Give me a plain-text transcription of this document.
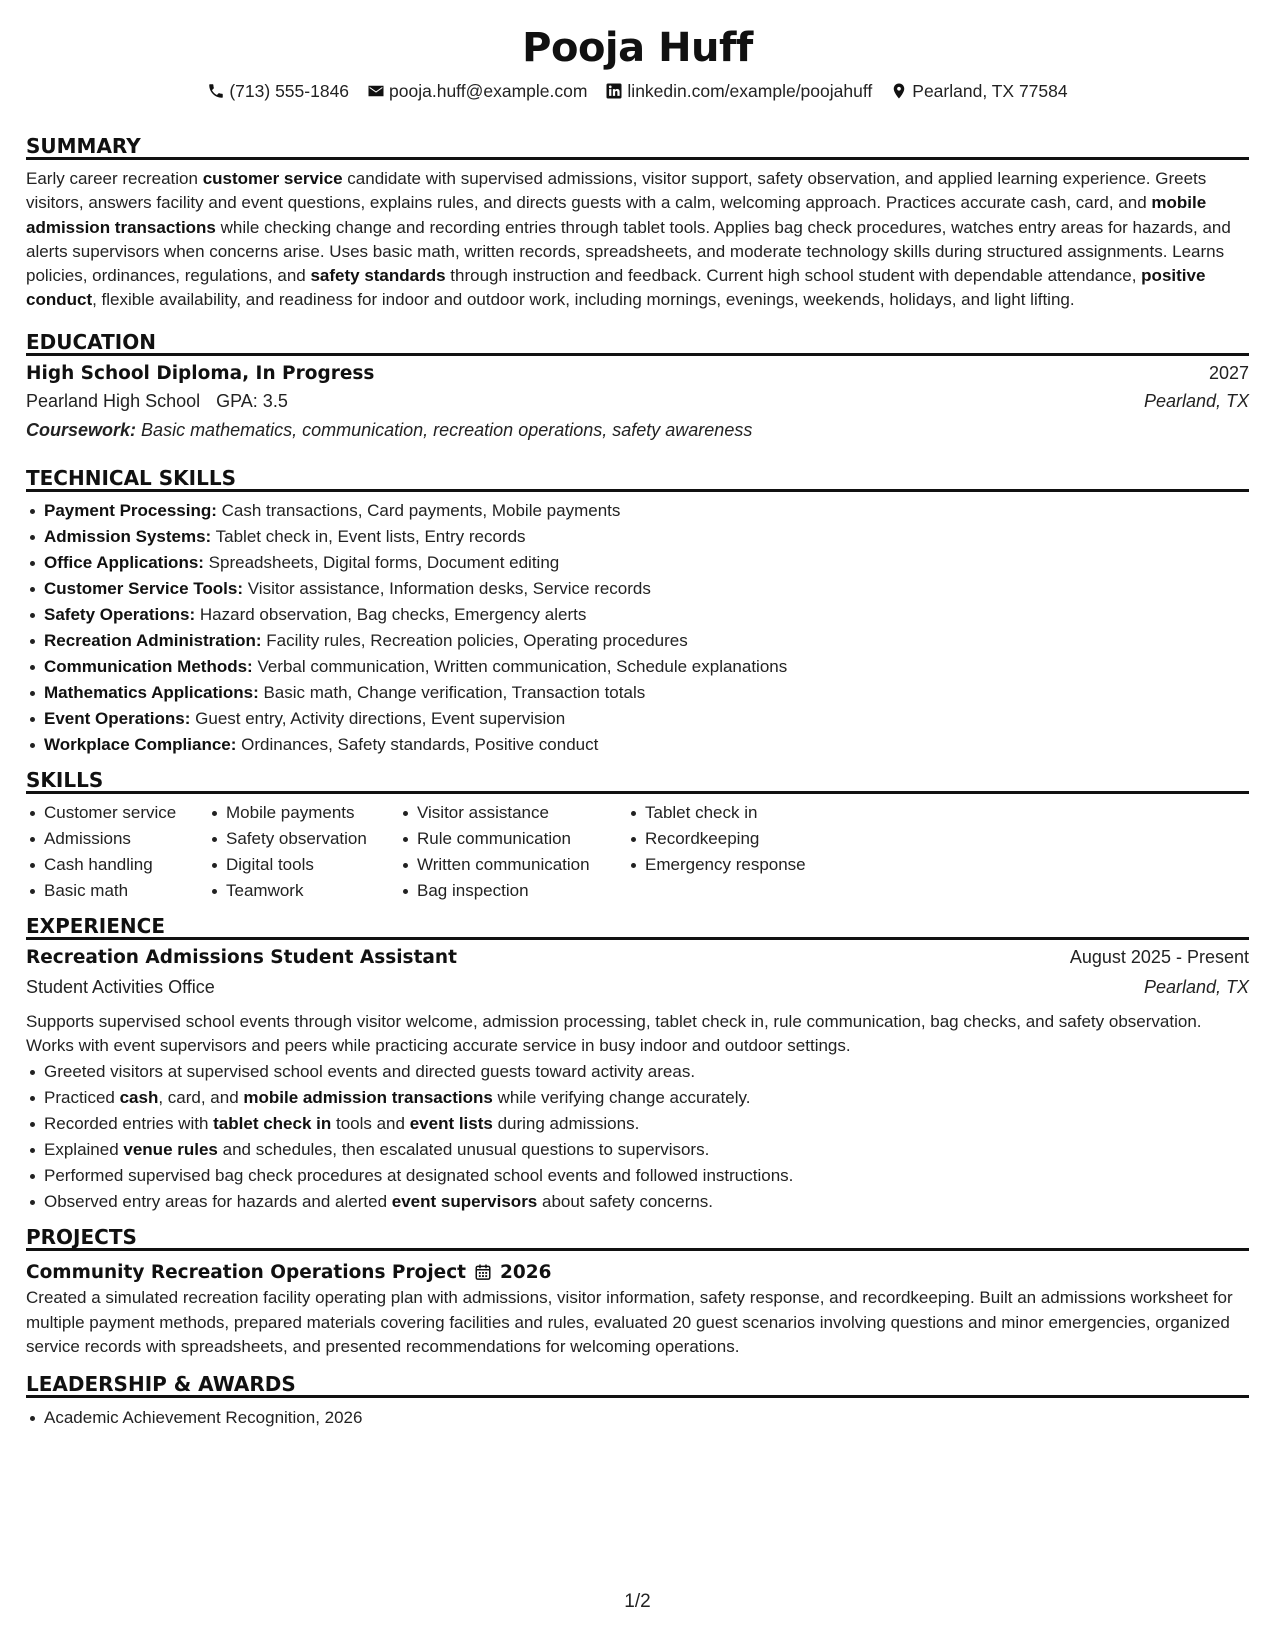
Pooja Huff
(713) 555-1846 pooja.huff@example.com linkedin.com/example/poojahuff Pearland, TX 77584
SUMMARY

Early career recreation customer service candidate with supervised admissions, visitor support, safety observation, and applied learning experience. Greets visitors, answers facility and event questions, explains rules, and directs guests with a calm, welcoming approach. Practices accurate cash, card, and mobile admission transactions while checking change and recording entries through tablet tools. Applies bag check procedures, watches entry areas for hazards, and alerts supervisors when concerns arise. Uses basic math, written records, spreadsheets, and moderate technology skills during structured assignments. Learns policies, ordinances, regulations, and safety standards through instruction and feedback. Current high school student with dependable attendance, positive conduct, flexible availability, and readiness for indoor and outdoor work, including mornings, evenings, weekends, holidays, and light lifting.

EDUCATION
High School Diploma, In Progress	2027
Pearland High School GPA: 3.5	Pearland, TX
Coursework: Basic mathematics, communication, recreation operations, safety awareness
TECHNICAL SKILLS
Payment Processing: Cash transactions, Card payments, Mobile payments
Admission Systems: Tablet check in, Event lists, Entry records
Office Applications: Spreadsheets, Digital forms, Document editing
Customer Service Tools: Visitor assistance, Information desks, Service records
Safety Operations: Hazard observation, Bag checks, Emergency alerts
Recreation Administration: Facility rules, Recreation policies, Operating procedures
Communication Methods: Verbal communication, Written communication, Schedule explanations
Mathematics Applications: Basic math, Change verification, Transaction totals
Event Operations: Guest entry, Activity directions, Event supervision
Workplace Compliance: Ordinances, Safety standards, Positive conduct
SKILLS
Customer service
Admissions
Cash handling
Basic math
Mobile payments
Safety observation
Digital tools
Teamwork
Visitor assistance
Rule communication
Written communication
Bag inspection
Tablet check in
Recordkeeping
Emergency response
EXPERIENCE
Recreation Admissions Student Assistant	August 2025 - Present
Student Activities Office	Pearland, TX

Supports supervised school events through visitor welcome, admission processing, tablet check in, rule communication, bag checks, and safety observation. Works with event supervisors and peers while practicing accurate service in busy indoor and outdoor settings.

Greeted visitors at supervised school events and directed guests toward activity areas.
Practiced cash, card, and mobile admission transactions while verifying change accurately.
Recorded entries with tablet check in tools and event lists during admissions.
Explained venue rules and schedules, then escalated unusual questions to supervisors.
Performed supervised bag check procedures at designated school events and followed instructions.
Observed entry areas for hazards and alerted event supervisors about safety concerns.
PROJECTS
Community Recreation Operations Project 2026

Created a simulated recreation facility operating plan with admissions, visitor information, safety response, and recordkeeping. Built an admissions worksheet for multiple payment methods, prepared materials covering facilities and rules, evaluated 20 guest scenarios involving questions and minor emergencies, organized service records with spreadsheets, and presented recommendations for welcoming operations.

LEADERSHIP & AWARDS
Academic Achievement Recognition, 2026
1/2
